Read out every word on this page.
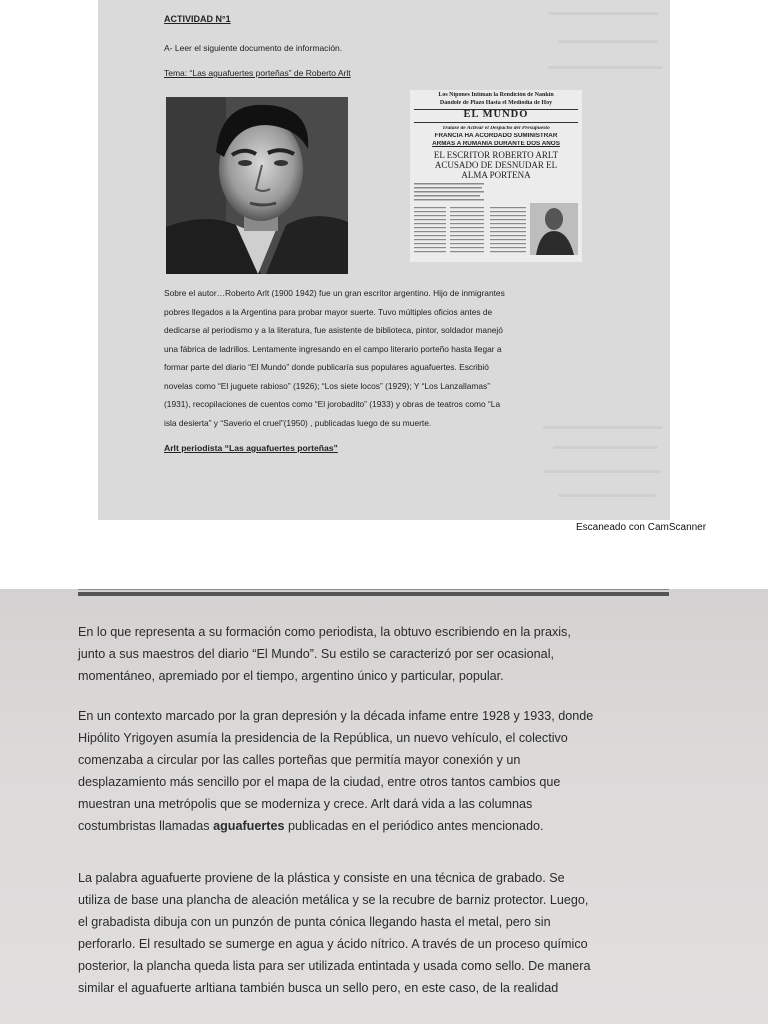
ACTIVIDAD N°1
A- Leer el siguiente documento de información.
Tema: “Las aguafuertes porteñas” de Roberto Arlt
Los Nipones Intiman la Rendición de Nankin
Dándole de Plazo Hasta el Mediodía de Hoy
EL MUNDO
Tratase de Activar el Despacho del Presupuesto
FRANCIA HA ACORDADO SUMINISTRAR
ARMAS A RUMANIA DURANTE DOS AÑOS
EL ESCRITOR ROBERTO ARLT
ACUSADO DE DESNUDAR EL
ALMA PORTEÑA
Sobre el autor…Roberto Arlt (1900 1942) fue un gran escritor argentino. Hijo de inmigrantes
pobres llegados a la Argentina para probar mayor suerte. Tuvo múltiples oficios antes de
dedicarse al periodismo y a la literatura, fue asistente de biblioteca, pintor, soldador manejó
una fábrica de ladrillos. Lentamente ingresando en el campo literario porteño hasta llegar a
formar parte del diario “El Mundo” donde publicaría sus populares aguafuertes. Escribió
novelas como “El juguete rabioso” (1926); “Los siete locos” (1929); Y “Los Lanzallamas”
(1931), recopilaciones de cuentos como “El jorobadito” (1933) y obras de teatros como “La
isla desierta” y “Saverio el cruel”(1950) , publicadas luego de su muerte.
Arlt periodista “Las aguafuertes porteñas”
Escaneado con CamScanner

En lo que representa a su formación como periodista, la obtuvo escribiendo en la praxis,
junto a sus maestros del diario “El Mundo”. Su estilo se caracterizó por ser ocasional,
momentáneo, apremiado por el tiempo, argentino único y particular, popular.
En un contexto marcado por la gran depresión y la década infame entre 1928 y 1933, donde
Hipólito Yrigoyen asumía la presidencia de la República, un nuevo vehículo, el colectivo
comenzaba a circular por las calles porteñas que permitía mayor conexión y un
desplazamiento más sencillo por el mapa de la ciudad, entre otros tantos cambios que
muestran una metrópolis que se moderniza y crece. Arlt dará vida a las columnas
costumbristas llamadas aguafuertes publicadas en el periódico antes mencionado.
La palabra aguafuerte proviene de la plástica y consiste en una técnica de grabado. Se
utiliza de base una plancha de aleación metálica y se la recubre de barniz protector. Luego,
el grabadista dibuja con un punzón de punta cónica llegando hasta el metal, pero sin
perforarlo. El resultado se sumerge en agua y ácido nítrico. A través de un proceso químico
posterior, la plancha queda lista para ser utilizada entintada y usada como sello. De manera
similar el aguafuerte arltiana también busca un sello pero, en este caso, de la realidad
